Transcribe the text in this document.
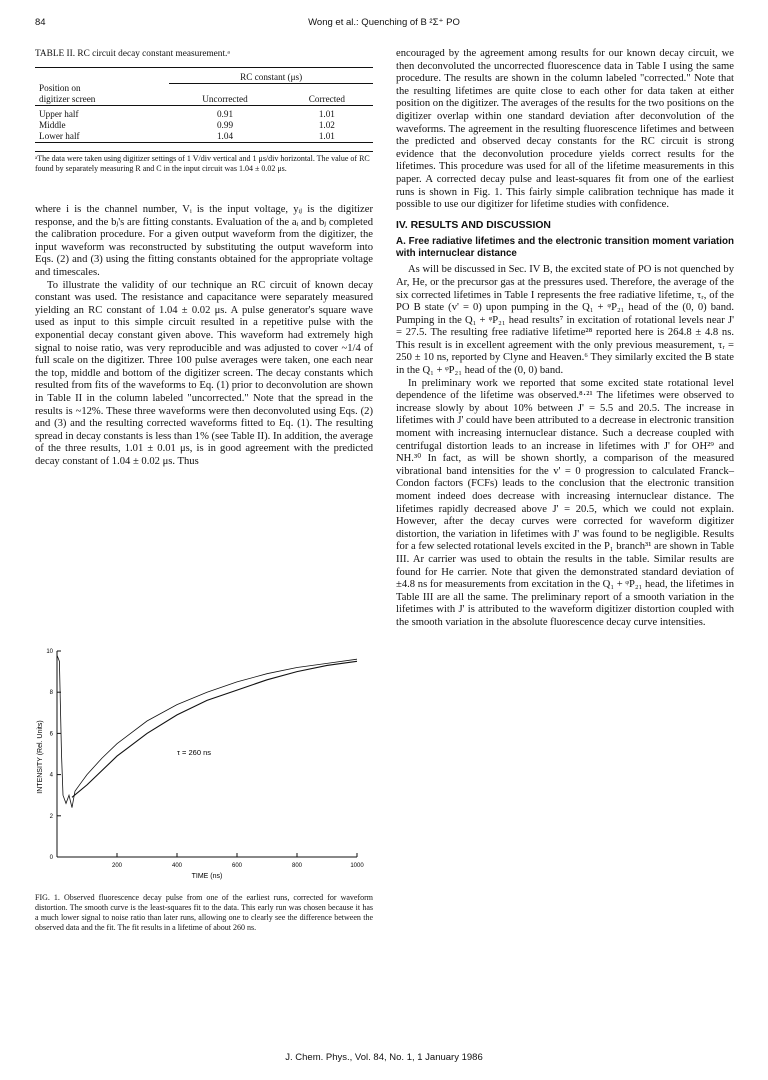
84	Wong et al.: Quenching of B ²Σ⁺ PO
TABLE II. RC circuit decay constant measurement.ᵃ

	RC constant (μs)	
Position on		
digitizer screen	Uncorrected	Corrected

Upper half	0.91	1.01
Middle	0.99	1.02
Lower half	1.04	1.01
ᵃThe data were taken using digitizer settings of 1 V/div vertical and 1 μs/div horizontal. The value of RC found by separately measuring R and C in the input circuit was 1.04 ± 0.02 μs.

where i is the channel number, Vᵢ is the input voltage, yᵢⱼ is the digitizer response, and the bⱼ's are fitting constants. Evaluation of the aᵢ and bⱼ completed the calibration procedure. For a given output waveform from the digitizer, the input waveform was reconstructed by substituting the output waveform into Eqs. (2) and (3) using the fitting constants obtained for the appropriate voltage and timescales.

To illustrate the validity of our technique an RC circuit of known decay constant was used. The resistance and capacitance were separately measured yielding an RC constant of 1.04 ± 0.02 μs. A pulse generator's square wave used as input to this simple circuit resulted in a repetitive pulse with the exponential decay constant given above. This waveform had extremely high signal to noise ratio, was very reproducible and was adjusted to cover ~1/4 of full scale on the digitizer. Three 100 pulse averages were taken, one each near the top, middle and bottom of the digitizer screen. The decay constants which resulted from fits of the waveforms to Eq. (1) prior to deconvolution are shown in Table II in the column labeled "uncorrected." Note that the spread in the results is ~12%. These three waveforms were then deconvoluted using Eqs. (2) and (3) and the resulting corrected waveforms fitted to Eq. (1). The resulting spread in decay constants is less than 1% (see Table II). In addition, the average of the three results, 1.01 ± 0.01 μs, is in good agreement with the predicted decay constant of 1.04 ± 0.02 μs. Thus

200	400	600	800	1000
0
2
4
6
8
10
INTENSITY (Rel. Units)
TIME (ns)
τ = 260 ns
FIG. 1. Observed fluorescence decay pulse from one of the earliest runs, corrected for waveform distortion. The smooth curve is the least-squares fit to the data. This early run was chosen because it has a much lower signal to noise ratio than later runs, allowing one to clearly see the difference between the observed data and the fit. The fit results in a lifetime of about 260 ns.

encouraged by the agreement among results for our known decay circuit, we then deconvoluted the uncorrected fluorescence data in Table I using the same procedure. The results are shown in the column labeled "corrected." Note that the resulting lifetimes are quite close to each other for data taken at either position on the digitizer. The averages of the results for the two positions on the digitizer overlap within one standard deviation after deconvolution of the waveforms. The agreement in the resulting fluorescence lifetimes and between the predicted and observed decay constants for the RC circuit is strong evidence that the deconvolution procedure yields correct results for the lifetimes. This procedure was used for all of the lifetime measurements in this paper. A corrected decay pulse and least-squares fit from one of the earliest runs is shown in Fig. 1. This fairly simple calibration technique has made it possible to use our digitizer for lifetime studies with confidence.

IV. RESULTS AND DISCUSSION
A. Free radiative lifetimes and the electronic transition moment variation with internuclear distance

As will be discussed in Sec. IV B, the excited state of PO is not quenched by Ar, He, or the precursor gas at the pressures used. Therefore, the average of the six corrected lifetimes in Table I represents the free radiative lifetime, τᵣ, of the PO B state (v' = 0) upon pumping in the Q₁ + ᵠP₂₁ head of the (0, 0) band. Pumping in the Q₁ + ᵠP₂₁ head results⁷ in excitation of rotational levels near J' = 27.5. The resulting free radiative lifetime²⁸ reported here is 264.8 ± 4.8 ns. This result is in excellent agreement with the only previous measurement, τᵣ = 250 ± 10 ns, reported by Clyne and Heaven.⁶ They similarly excited the B state in the Q₁ + ᵠP₂₁ head of the (0, 0) band.

In preliminary work we reported that some excited state rotational level dependence of the lifetime was observed.⁸·²¹ The lifetimes were observed to increase slowly by about 10% between J' = 5.5 and 20.5. The increase in lifetimes with J' could have been attributed to a decrease in electronic transition moment with increasing internuclear distance. Such a decrease coupled with centrifugal distortion leads to an increase in lifetimes with J' for OH²⁹ and NH.³⁰ In fact, as will be shown shortly, a comparison of the measured vibrational band intensities for the v' = 0 progression to calculated Franck–Condon factors (FCFs) leads to the conclusion that the electronic transition moment indeed does decrease with increasing internuclear distance. The lifetimes rapidly decreased above J' = 20.5, which we could not explain. However, after the decay curves were corrected for waveform digitizer distortion, the variation in lifetimes with J' was found to be negligible. Results for a few selected rotational levels excited in the P₁ branch³¹ are shown in Table III. Ar carrier was used to obtain the results in the table. Similar results are found for He carrier. Note that given the demonstrated standard deviation of ±4.8 ns for measurements from excitation in the Q₁ + ᵠP₂₁ head, the lifetimes in Table III are all the same. The preliminary report of a smooth variation in the lifetimes with J' is attributed to the waveform digitizer distortion coupled with the smooth variation in the absolute fluorescence decay curve intensities.

J. Chem. Phys., Vol. 84, No. 1, 1 January 1986
